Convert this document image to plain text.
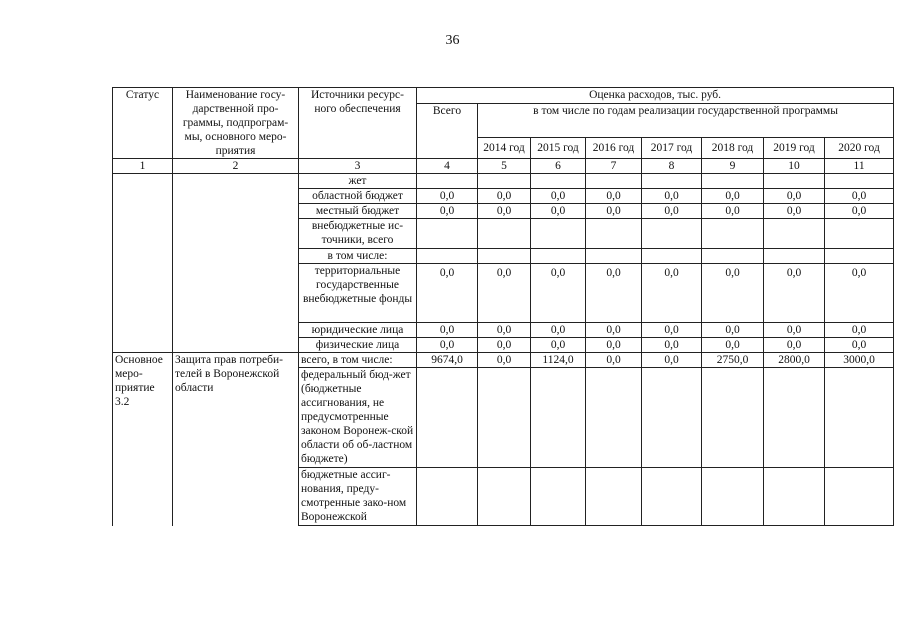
36
Статус	Наименование госу-дарственной про-граммы, подпрограм-мы, основного меро-приятия	Источники ресурс-ного обеспечения	Оценка расходов, тыс. руб.							
			Всего	в том числе по годам реализации государственной программы						
				2014 год	2015 год	2016 год	2017 год	2018 год	2019 год	2020 год
1	2	3	4	5	6	7	8	9	10	11
		жет								
		областной бюджет	0,0	0,0	0,0	0,0	0,0	0,0	0,0	0,0
		местный бюджет	0,0	0,0	0,0	0,0	0,0	0,0	0,0	0,0
		внебюджетные ис-точники, всего								
		в том числе:								
		территориальные государственные внебюджетные фонды	0,0	0,0	0,0	0,0	0,0	0,0	0,0	0,0
		юридические лица	0,0	0,0	0,0	0,0	0,0	0,0	0,0	0,0
		физические лица	0,0	0,0	0,0	0,0	0,0	0,0	0,0	0,0
Основное меро-приятие 3.2	Защита прав потреби-телей в Воронежской области	всего, в том числе:	9674,0	0,0	1124,0	0,0	0,0	2750,0	2800,0	3000,0
		федеральный бюд-жет (бюджетные ассигнования, не предусмотренные законом Воронеж-ской области об об-ластном бюджете)								
		бюджетные ассиг-нования, преду-смотренные зако-ном Воронежской								
